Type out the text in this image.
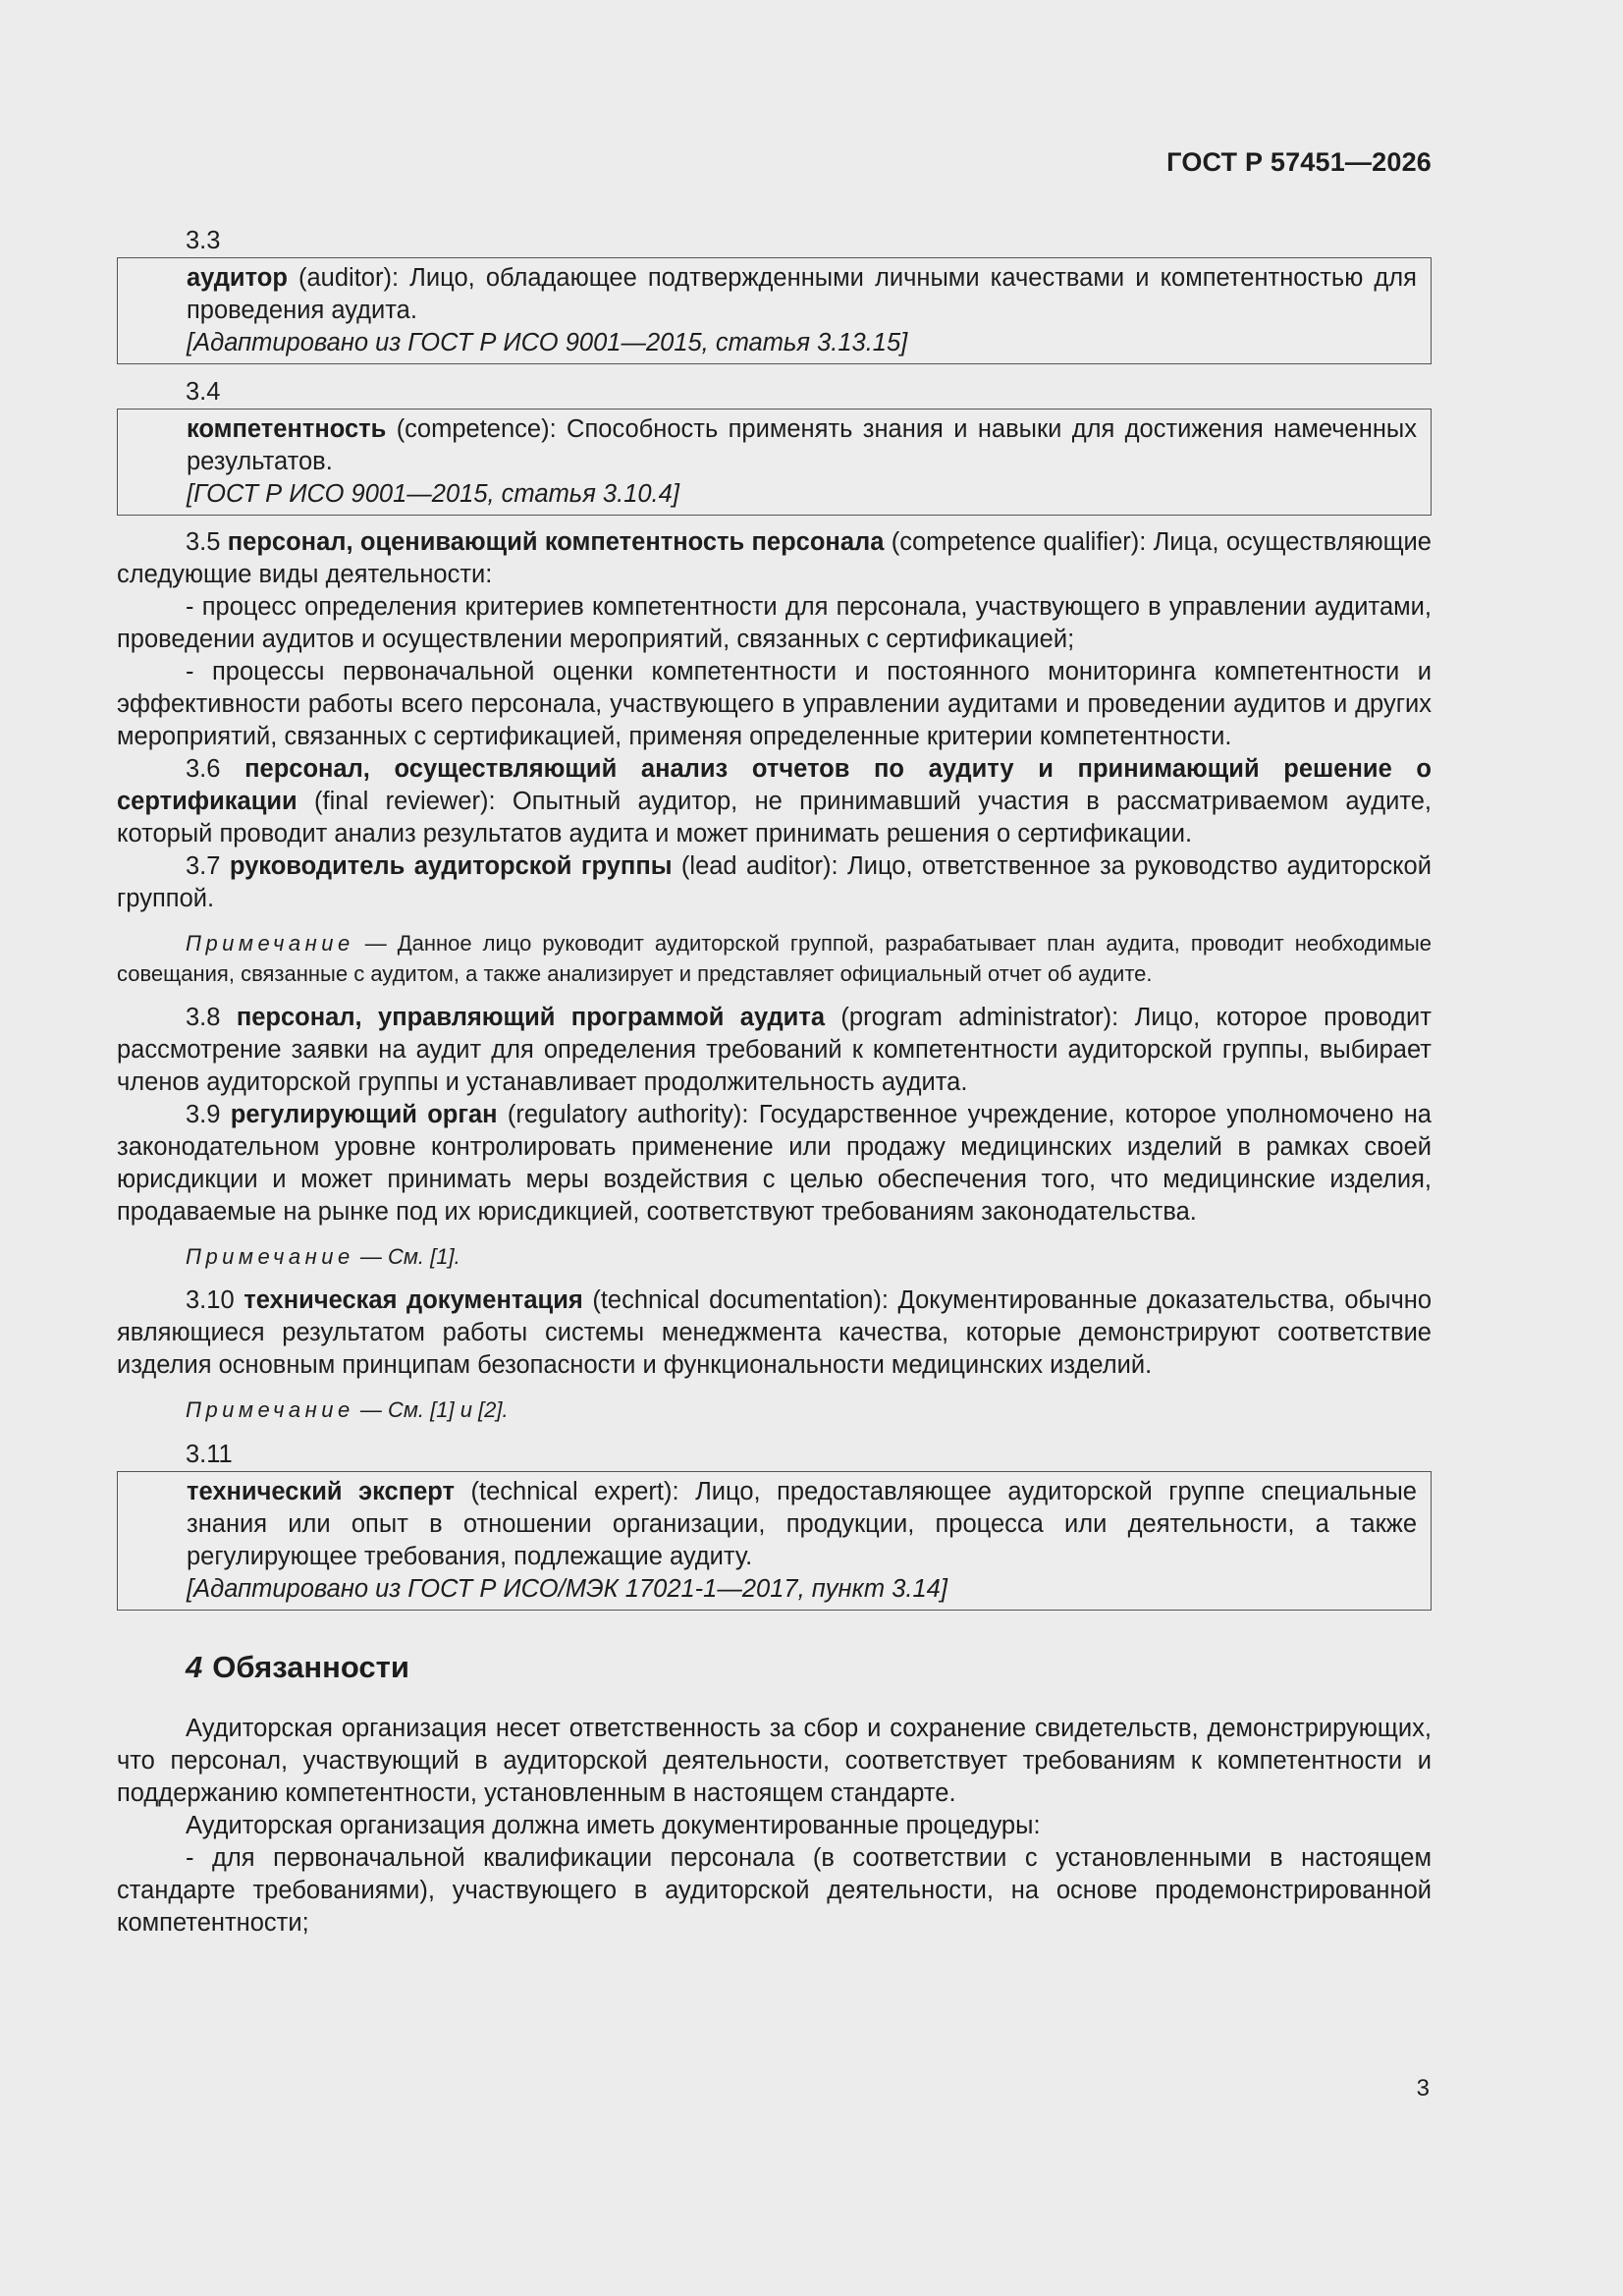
ГОСТ Р 57451—2026

3.3

аудитор (auditor): Лицо, обладающее подтвержденными личными качествами и компетентностью для проведения аудита.

[Адаптировано из ГОСТ Р ИСО 9001—2015, статья 3.13.15]

3.4

компетентность (competence): Способность применять знания и навыки для достижения намеченных результатов.

[ГОСТ Р ИСО 9001—2015, статья 3.10.4]

3.5 персонал, оценивающий компетентность персонала (competence qualifier): Лица, осуществляющие следующие виды деятельности:

- процесс определения критериев компетентности для персонала, участвующего в управлении аудитами, проведении аудитов и осуществлении мероприятий, связанных с сертификацией;

- процессы первоначальной оценки компетентности и постоянного мониторинга компетентности и эффективности работы всего персонала, участвующего в управлении аудитами и проведении аудитов и других мероприятий, связанных с сертификацией, применяя определенные критерии компетентности.

3.6 персонал, осуществляющий анализ отчетов по аудиту и принимающий решение о сертификации (final reviewer): Опытный аудитор, не принимавший участия в рассматриваемом аудите, который проводит анализ результатов аудита и может принимать решения о сертификации.

3.7 руководитель аудиторской группы (lead auditor): Лицо, ответственное за руководство аудиторской группой.

Примечание — Данное лицо руководит аудиторской группой, разрабатывает план аудита, проводит необходимые совещания, связанные с аудитом, а также анализирует и представляет официальный отчет об аудите.

3.8 персонал, управляющий программой аудита (program administrator): Лицо, которое проводит рассмотрение заявки на аудит для определения требований к компетентности аудиторской группы, выбирает членов аудиторской группы и устанавливает продолжительность аудита.

3.9 регулирующий орган (regulatory authority): Государственное учреждение, которое уполномочено на законодательном уровне контролировать применение или продажу медицинских изделий в рамках своей юрисдикции и может принимать меры воздействия с целью обеспечения того, что медицинские изделия, продаваемые на рынке под их юрисдикцией, соответствуют требованиям законодательства.

Примечание — См. [1].

3.10 техническая документация (technical documentation): Документированные доказательства, обычно являющиеся результатом работы системы менеджмента качества, которые демонстрируют соответствие изделия основным принципам безопасности и функциональности медицинских изделий.

Примечание — См. [1] и [2].

3.11

технический эксперт (technical expert): Лицо, предоставляющее аудиторской группе специальные знания или опыт в отношении организации, продукции, процесса или деятельности, а также регулирующее требования, подлежащие аудиту.

[Адаптировано из ГОСТ Р ИСО/МЭК 17021-1—2017, пункт 3.14]

4 Обязанности

Аудиторская организация несет ответственность за сбор и сохранение свидетельств, демонстрирующих, что персонал, участвующий в аудиторской деятельности, соответствует требованиям к компетентности и поддержанию компетентности, установленным в настоящем стандарте.

Аудиторская организация должна иметь документированные процедуры:

- для первоначальной квалификации персонала (в соответствии с установленными в настоящем стандарте требованиями), участвующего в аудиторской деятельности, на основе продемонстрированной компетентности;

3
